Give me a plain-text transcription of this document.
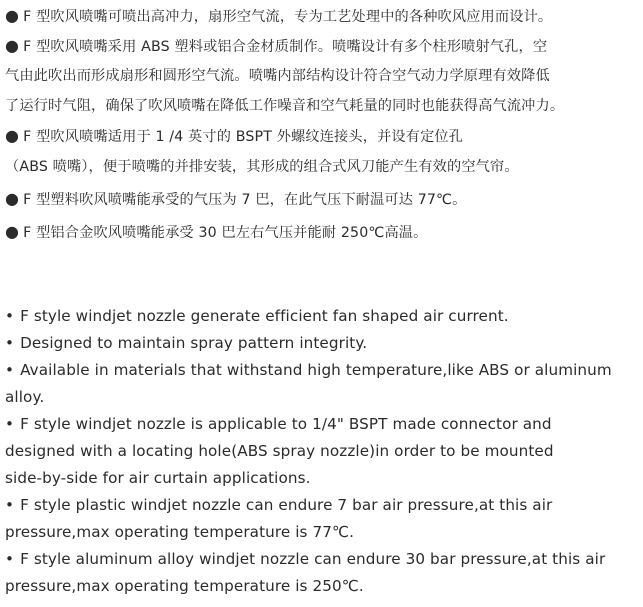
● F 型吹风喷嘴可喷出高冲力，扇形空气流，专为工艺处理中的各种吹风应用而设计。
● F 型吹风喷嘴采用 ABS 塑料或铝合金材质制作。喷嘴设计有多个柱形喷射气孔，空
气由此吹出而形成扇形和圆形空气流。喷嘴内部结构设计符合空气动力学原理有效降低
了运行时气阻，确保了吹风喷嘴在降低工作噪音和空气耗量的同时也能获得高气流冲力。
● F 型吹风喷嘴适用于 1 /4 英寸的 BSPT 外螺纹连接头，并设有定位孔
（ABS 喷嘴），便于喷嘴的并排安装，其形成的组合式风刀能产生有效的空气帘。
● F 型塑料吹风喷嘴能承受的气压为 7 巴，在此气压下耐温可达 77℃。
● F 型铝合金吹风喷嘴能承受 30 巴左右气压并能耐 250℃高温。
• F style windjet nozzle generate efficient fan shaped air current.
• Designed to maintain spray pattern integrity.
• Available in materials that withstand high temperature,like ABS or aluminum
alloy.
• F style windjet nozzle is applicable to 1/4" BSPT made connector and
designed with a locating hole(ABS spray nozzle)in order to be mounted
side-by-side for air curtain applications.
• F style plastic windjet nozzle can endure 7 bar air pressure,at this air
pressure,max operating temperature is 77℃.
• F style aluminum alloy windjet nozzle can endure 30 bar pressure,at this air
pressure,max operating temperature is 250℃.
